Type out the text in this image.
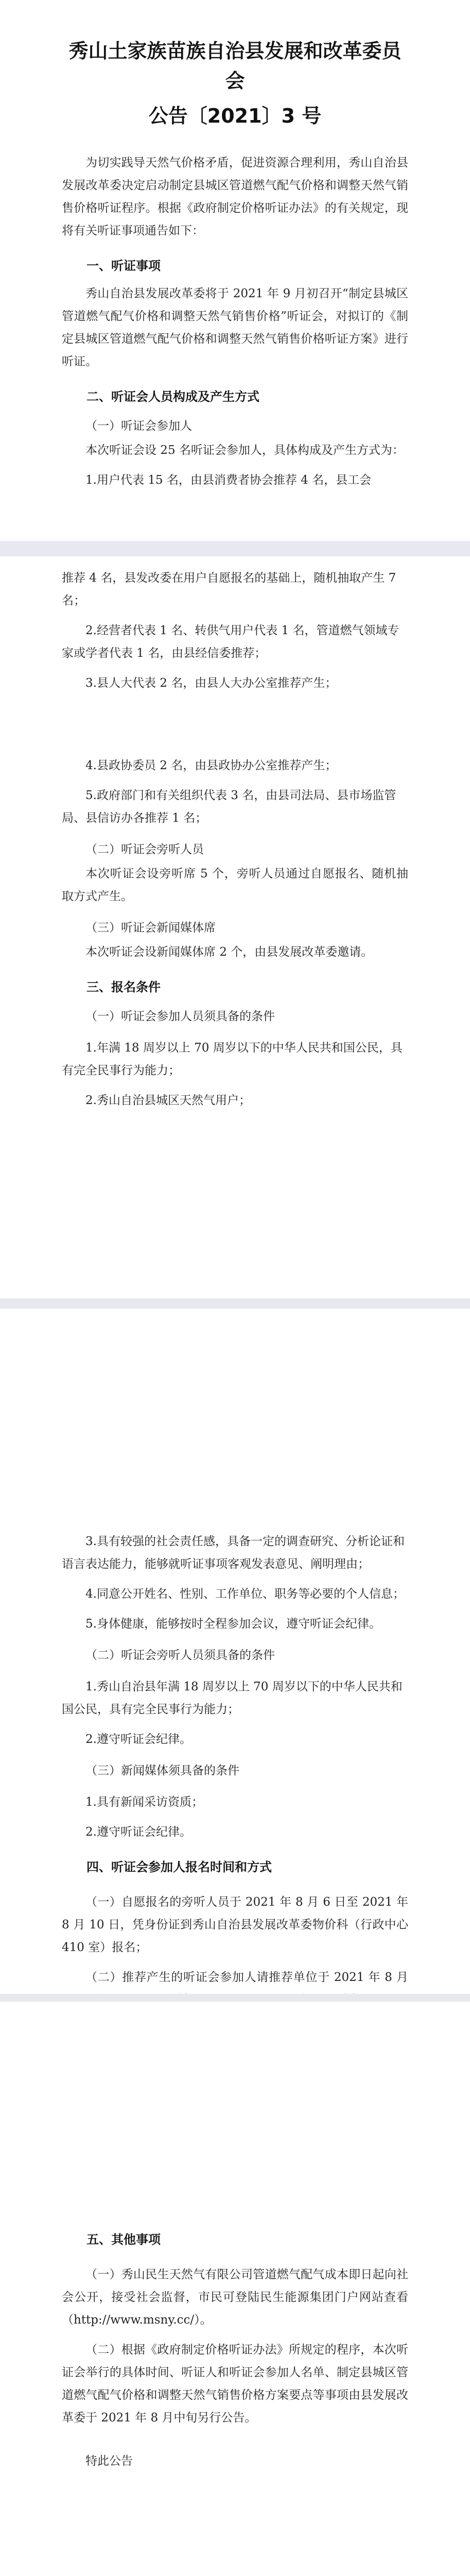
秀山土家族苗族自治县发展和改革委员会
公告〔2021〕3 号

为切实践导天然气价格矛盾，促进资源合理利用，秀山自治县发展改革委决定启动制定县城区管道燃气配气价格和调整天然气销售价格听证程序。根据《政府制定价格听证办法》的有关规定，现将有关听证事项通告如下：

一、听证事项

秀山自治县发展改革委将于 2021 年 9 月初召开“制定县城区管道燃气配气价格和调整天然气销售价格”听证会，对拟订的《制定县城区管道燃气配气价格和调整天然气销售价格听证方案》进行听证。

二、听证会人员构成及产生方式
（一）听证会参加人

本次听证会设 25 名听证会参加人，具体构成及产生方式为：

1.用户代表 15 名，由县消费者协会推荐 4 名，县工会

推荐 4 名，县发改委在用户自愿报名的基础上，随机抽取产生 7 名；

2.经营者代表 1 名、转供气用户代表 1 名，管道燃气领域专家或学者代表 1 名，由县经信委推荐；

3.县人大代表 2 名，由县人大办公室推荐产生；

4.县政协委员 2 名，由县政协办公室推荐产生；

5.政府部门和有关组织代表 3 名，由县司法局、县市场监管局、县信访办各推荐 1 名；

（二）听证会旁听人员

本次听证会设旁听席 5 个，旁听人员通过自愿报名、随机抽取方式产生。

（三）听证会新闻媒体席

本次听证会设新闻媒体席 2 个，由县发展改革委邀请。

三、报名条件
（一）听证会参加人员须具备的条件

1.年满 18 周岁以上 70 周岁以下的中华人民共和国公民，具有完全民事行为能力；

2.秀山自治县城区天然气用户；

3.具有较强的社会责任感，具备一定的调查研究、分析论证和语言表达能力，能够就听证事项客观发表意见、阐明理由；

4.同意公开姓名、性别、工作单位、职务等必要的个人信息；

5.身体健康，能够按时全程参加会议，遵守听证会纪律。

（二）听证会旁听人员须具备的条件

1.秀山自治县年满 18 周岁以上 70 周岁以下的中华人民共和国公民，具有完全民事行为能力；

2.遵守听证会纪律。

（三）新闻媒体须具备的条件

1.具有新闻采访资质；

2.遵守听证会纪律。

四、听证会参加人报名时间和方式

（一）自愿报名的旁听人员于 2021 年 8 月 6 日至 2021 年 8 月 10 日，凭身份证到秀山自治县发展改革委物价科（行政中心 410 室）报名；

（二）推荐产生的听证会参加人请推荐单位于 2021 年 8 月

五、其他事项

（一）秀山民生天然气有限公司管道燃气配气成本即日起向社会公开，接受社会监督，市民可登陆民生能源集团门户网站查看（http://www.msny.cc/）。

（二）根据《政府制定价格听证办法》所规定的程序，本次听证会举行的具体时间、听证人和听证会参加人名单、制定县城区管道燃气配气价格和调整天然气销售价格方案要点等事项由县发展改革委于 2021 年 8 月中旬另行公告。

特此公告
